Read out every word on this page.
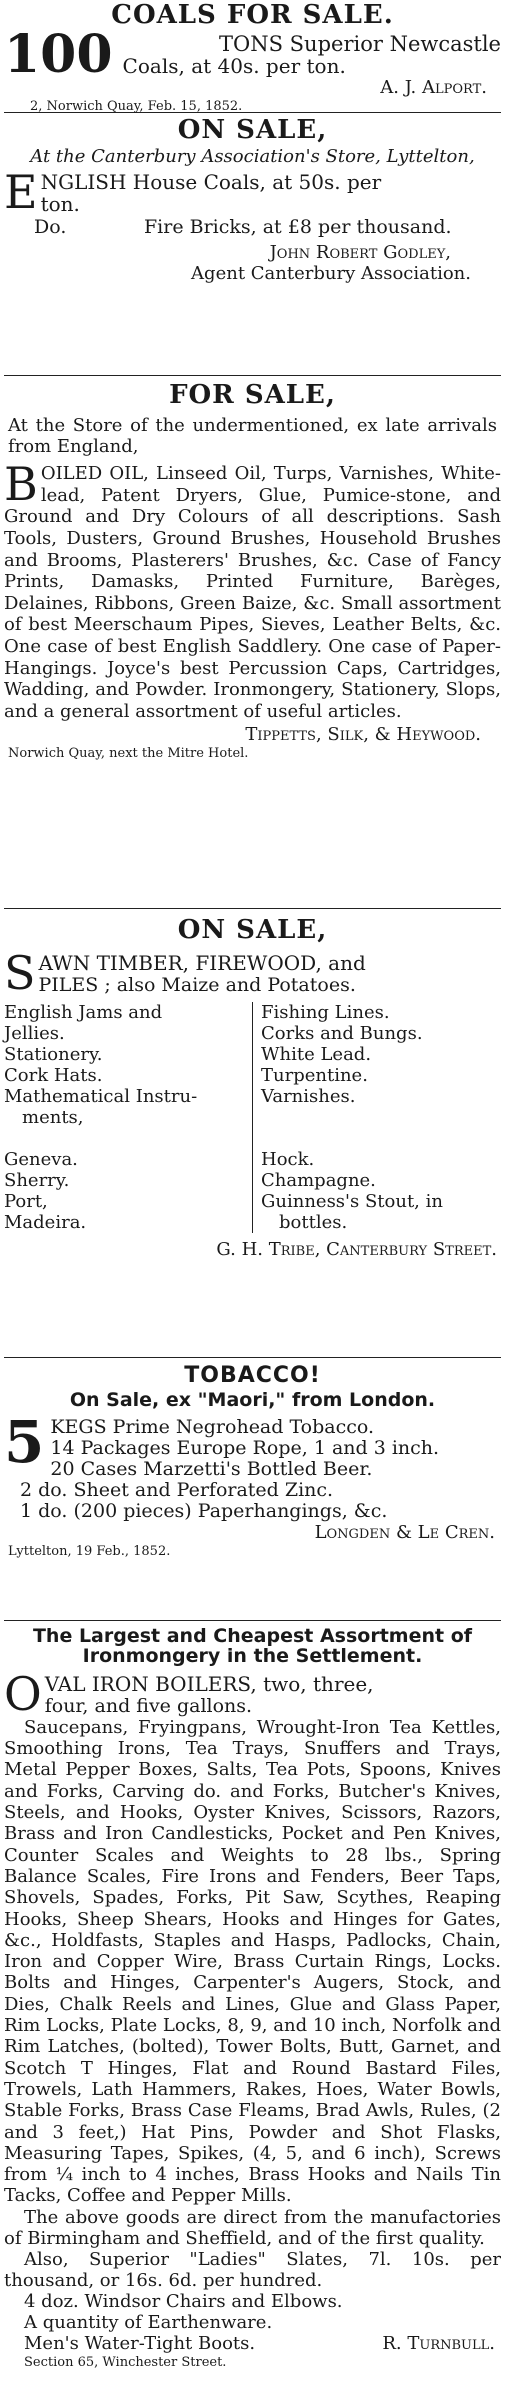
COALS FOR SALE.
100	TONS Superior Newcastle
Coals, at 40s. per ton.
A. J. Alport.
2, Norwich Quay, Feb. 15, 1852.
ON SALE,
At the Canterbury Association's Store, Lyttelton,
E NGLISH House Coals, at 50s. per
ton.
Do.	Fire Bricks, at £8 per thousand.
John Robert Godley,
Agent Canterbury Association.
FOR SALE,
At the Store of the undermentioned, ex late arrivals from England,
B OILED OIL, Linseed Oil, Turps, Varnishes, White-lead, Patent Dryers, Glue, Pumice-stone, and Ground and Dry Colours of all descriptions. Sash Tools, Dusters, Ground Brushes, Household Brushes and Brooms, Plasterers' Brushes, &c. Case of Fancy Prints, Damasks, Printed Furniture, Barèges, Delaines, Ribbons, Green Baize, &c. Small assortment of best Meerschaum Pipes, Sieves, Leather Belts, &c. One case of best English Saddlery. One case of Paper-Hangings. Joyce's best Percussion Caps, Cartridges, Wadding, and Powder. Ironmongery, Stationery, Slops, and a general assortment of useful articles.
Tippetts, Silk, & Heywood.
Norwich Quay, next the Mitre Hotel.
ON SALE,
S AWN TIMBER, FIREWOOD, and
PILES ; also Maize and Potatoes.
English Jams and
Jellies.
Stationery.
Cork Hats.
Mathematical Instru-
ments,

Geneva.
Sherry.
Port,
Madeira.
Fishing Lines.
Corks and Bungs.
White Lead.
Turpentine.
Varnishes.

Hock.
Champagne.
Guinness's Stout, in
bottles.
G. H. Tribe, Canterbury Street.
TOBACCO!
On Sale, ex "Maori," from London.
5 KEGS Prime Negrohead Tobacco.
14 Packages Europe Rope, 1 and 3 inch.
20 Cases Marzetti's Bottled Beer.
2 do. Sheet and Perforated Zinc.
1 do. (200 pieces) Paperhangings, &c.
Longden & Le Cren.
Lyttelton, 19 Feb., 1852.
The Largest and Cheapest Assortment of
Ironmongery in the Settlement.
O VAL IRON BOILERS, two, three,
four, and five gallons.
Saucepans, Fryingpans, Wrought-Iron Tea Kettles, Smoothing Irons, Tea Trays, Snuffers and Trays, Metal Pepper Boxes, Salts, Tea Pots, Spoons, Knives and Forks, Carving do. and Forks, Butcher's Knives, Steels, and Hooks, Oyster Knives, Scissors, Razors, Brass and Iron Candlesticks, Pocket and Pen Knives, Counter Scales and Weights to 28 lbs., Spring Balance Scales, Fire Irons and Fenders, Beer Taps, Shovels, Spades, Forks, Pit Saw, Scythes, Reaping Hooks, Sheep Shears, Hooks and Hinges for Gates, &c., Holdfasts, Staples and Hasps, Padlocks, Chain, Iron and Copper Wire, Brass Curtain Rings, Locks. Bolts and Hinges, Carpenter's Augers, Stock, and Dies, Chalk Reels and Lines, Glue and Glass Paper, Rim Locks, Plate Locks, 8, 9, and 10 inch, Norfolk and Rim Latches, (bolted), Tower Bolts, Butt, Garnet, and Scotch T Hinges, Flat and Round Bastard Files, Trowels, Lath Hammers, Rakes, Hoes, Water Bowls, Stable Forks, Brass Case Fleams, Brad Awls, Rules, (2 and 3 feet,) Hat Pins, Powder and Shot Flasks, Measuring Tapes, Spikes, (4, 5, and 6 inch), Screws from ¼ inch to 4 inches, Brass Hooks and Nails Tin Tacks, Coffee and Pepper Mills.
The above goods are direct from the manufactories of Birmingham and Sheffield, and of the first quality.
Also, Superior "Ladies" Slates, 7l. 10s. per thousand, or 16s. 6d. per hundred.
4 doz. Windsor Chairs and Elbows.
A quantity of Earthenware.
Men's Water-Tight Boots.	R. Turnbull.
Section 65, Winchester Street.
